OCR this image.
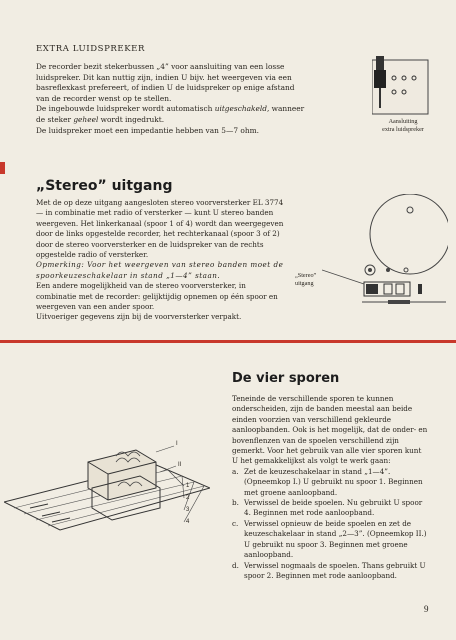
EXTRA LUIDSPREKER
De recorder bezit stekerbussen „4” voor aansluiting van een losse luidspreker. Dit kan nuttig zijn, indien U bijv. het weergeven via een basreflexkast prefereert, of indien U de luidspreker op enige afstand van de recorder wenst op te stellen.
De ingebouwde luidspreker wordt automatisch uitgeschakeld, wanneer de steker geheel wordt ingedrukt.
De luidspreker moet een impedantie hebben van 5—7 ohm.
Aansluiting
extra luidspreker
„Stereo” uitgang

Met de op deze uitgang aangesloten stereo voorversterker EL 3774 — in combinatie met radio of versterker — kunt U stereo banden weergeven. Het linkerkanaal (spoor 1 of 4) wordt dan weergegeven door de links opgestelde recorder, het rechterkanaal (spoor 3 of 2) door de stereo voorversterker en de luidspreker van de rechts opgestelde radio of versterker.

Opmerking: Voor het weergeven van stereo banden moet de spoorkeuzeschakelaar in stand „1—4” staan.

Een andere mogelijkheid van de stereo voorversterker, in combinatie met de recorder: gelijktijdig opnemen op één spoor en weergeven van een ander spoor.

Uitvoeriger gegevens zijn bij de voorversterker verpakt.

„Stereo”
uitgang
De vier sporen

Teneinde de verschillende sporen te kunnen onderscheiden, zijn de banden meestal aan beide einden voorzien van verschillend gekleurde aanloopbanden. Ook is het mogelijk, dat de onder- en bovenflenzen van de spoelen verschillend zijn gemerkt. Voor het gebruik van alle vier sporen kunt U het gemakkelijkst als volgt te werk gaan:

a. Zet de keuzeschakelaar in stand „1—4”. (Opneemkop I.) U gebruikt nu spoor 1. Beginnen met groene aanloopband.
b. Verwissel de beide spoelen. Nu gebruikt U spoor 4. Beginnen met rode aanloopband.
c. Verwissel opnieuw de beide spoelen en zet de keuzeschakelaar in stand „2—3”. (Opneemkop II.) U gebruikt nu spoor 3. Beginnen met groene aanloopband.
d. Verwissel nogmaals de spoelen. Thans gebruikt U spoor 2. Beginnen met rode aanloopband.
I
II
1
2
3
4
9
